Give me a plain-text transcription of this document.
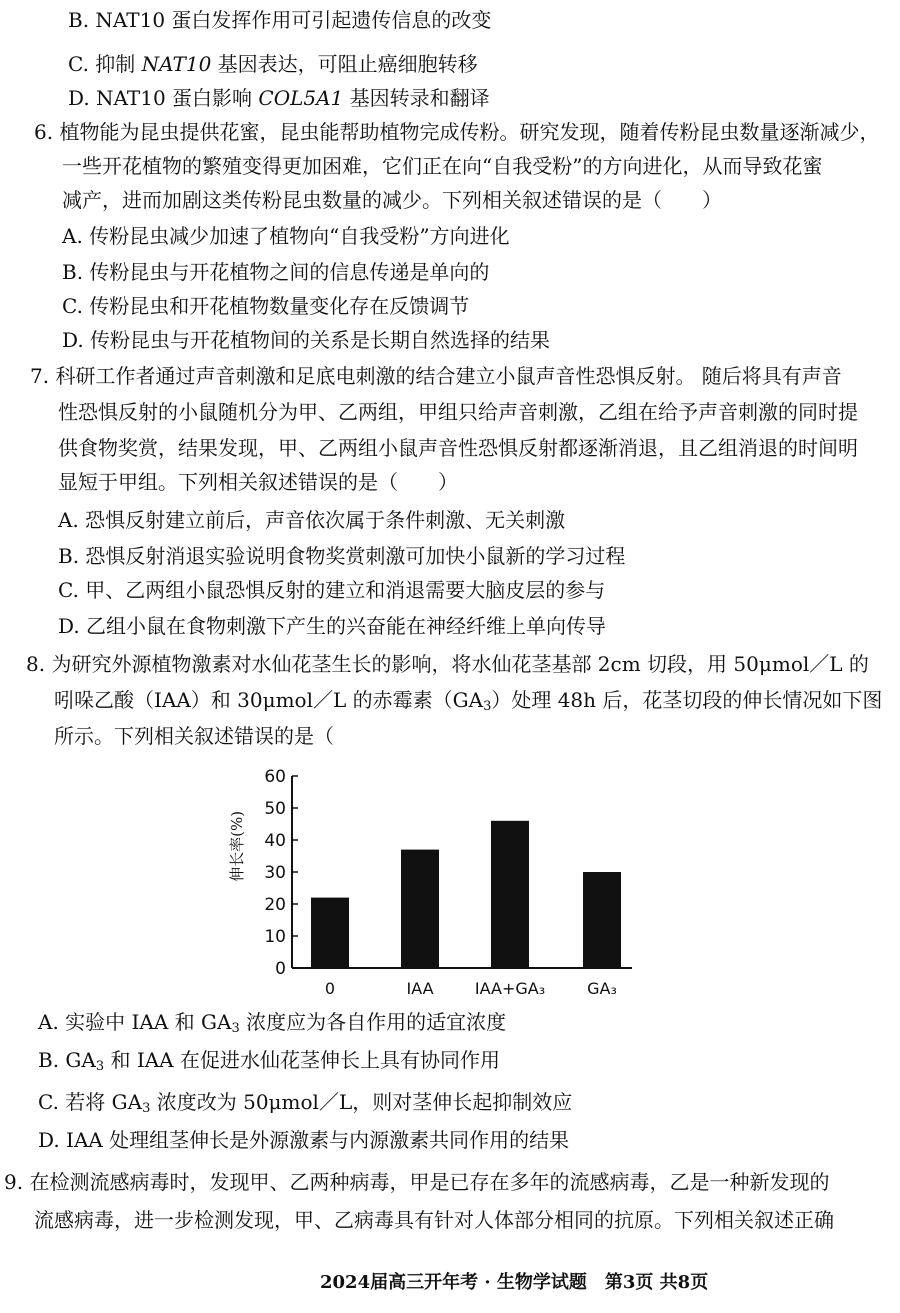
B. NAT10 蛋白发挥作用可引起遗传信息的改变
C. 抑制 NAT10 基因表达，可阻止癌细胞转移
D. NAT10 蛋白影响 COL5A1 基因转录和翻译
6. 植物能为昆虫提供花蜜，昆虫能帮助植物完成传粉。研究发现，随着传粉昆虫数量逐渐减少，
一些开花植物的繁殖变得更加困难，它们正在向“自我受粉”的方向进化，从而导致花蜜
减产，进而加剧这类传粉昆虫数量的减少。下列相关叙述错误的是（　　）
A. 传粉昆虫减少加速了植物向“自我受粉”方向进化
B. 传粉昆虫与开花植物之间的信息传递是单向的
C. 传粉昆虫和开花植物数量变化存在反馈调节
D. 传粉昆虫与开花植物间的关系是长期自然选择的结果
7. 科研工作者通过声音刺激和足底电刺激的结合建立小鼠声音性恐惧反射。 随后将具有声音
性恐惧反射的小鼠随机分为甲、乙两组，甲组只给声音刺激，乙组在给予声音刺激的同时提
供食物奖赏，结果发现，甲、乙两组小鼠声音性恐惧反射都逐渐消退，且乙组消退的时间明
显短于甲组。下列相关叙述错误的是（　　）
A. 恐惧反射建立前后，声音依次属于条件刺激、无关刺激
B. 恐惧反射消退实验说明食物奖赏刺激可加快小鼠新的学习过程
C. 甲、乙两组小鼠恐惧反射的建立和消退需要大脑皮层的参与
D. 乙组小鼠在食物刺激下产生的兴奋能在神经纤维上单向传导
8. 为研究外源植物激素对水仙花茎生长的影响，将水仙花茎基部 2cm 切段，用 50μmol／L 的
吲哚乙酸（IAA）和 30μmol／L 的赤霉素$(GA_3)$处理 48h 后，花茎切段的伸长情况如下图
所示。下列相关叙述错误的是（
0
10
20
30
40
50
60
伸长率(%)
0	IAA	IAA+GA₃	GA₃
A. 实验中 IAA 和 $GA_3$ 浓度应为各自作用的适宜浓度
B. $GA_3$ 和 IAA 在促进水仙花茎伸长上具有协同作用
C. 若将 $GA_3$ 浓度改为 50μmol／L，则对茎伸长起抑制效应
D. IAA 处理组茎伸长是外源激素与内源激素共同作用的结果
9. 在检测流感病毒时，发现甲、乙两种病毒，甲是已存在多年的流感病毒，乙是一种新发现的
流感病毒，进一步检测发现，甲、乙病毒具有针对人体部分相同的抗原。下列相关叙述正确
2024届高三开年考 · 生物学试题　第3页 共8页
